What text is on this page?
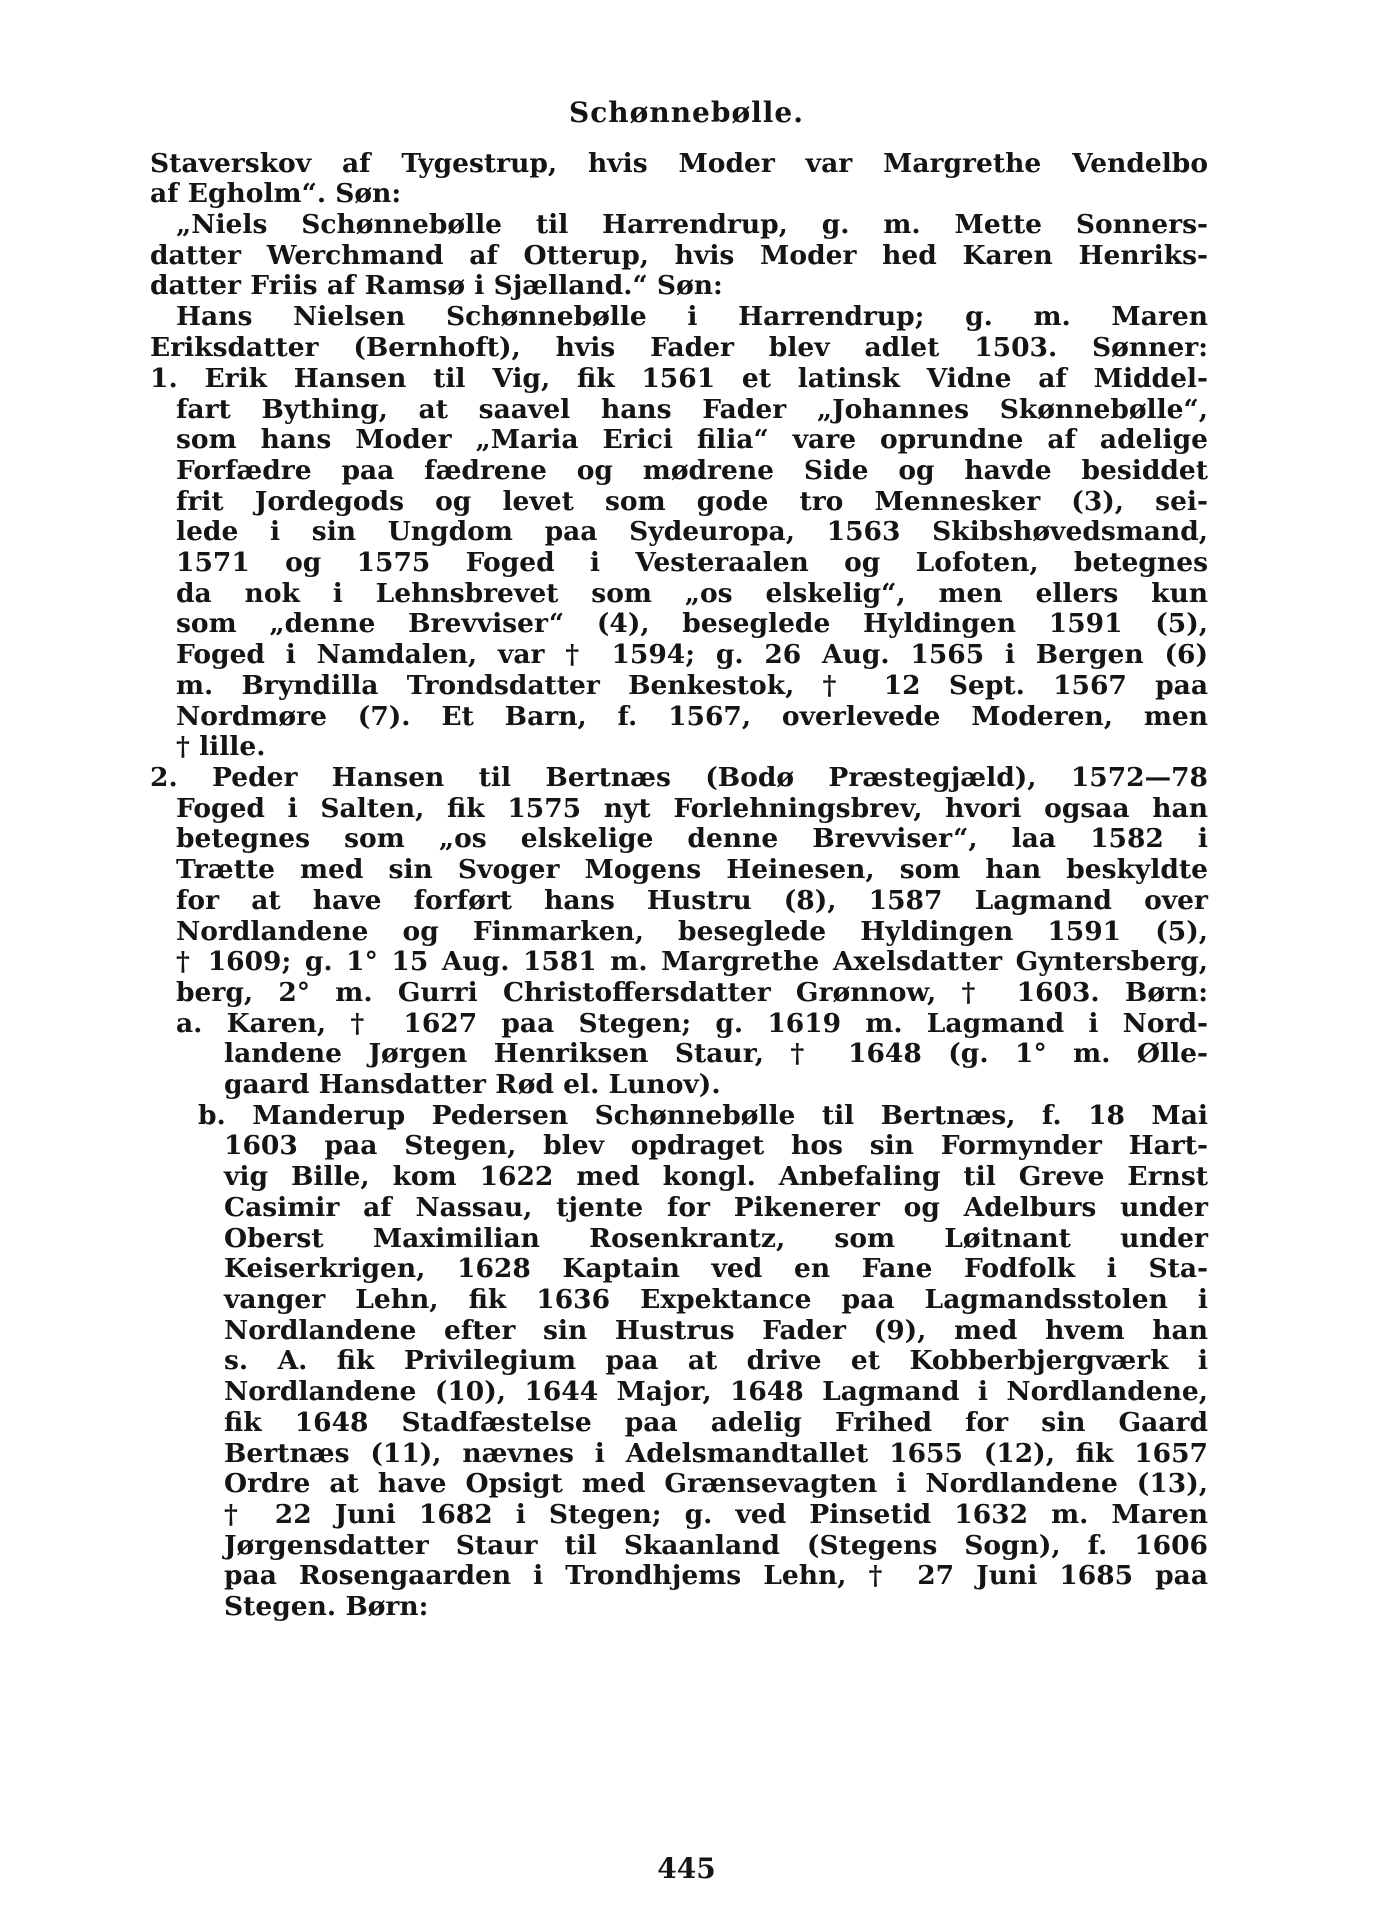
Schønnebølle.
Staverskov af Tygestrup, hvis Moder var Margrethe Vendelbo
af Egholm“. Søn:
„Niels Schønnebølle til Harrendrup, g. m. Mette Sonners-
datter Werchmand af Otterup, hvis Moder hed Karen Henriks-
datter Friis af Ramsø i Sjælland.“ Søn:
Hans Nielsen Schønnebølle i Harrendrup; g. m. Maren
Eriksdatter (Bernhoft), hvis Fader blev adlet 1503. Sønner:
1. Erik Hansen til Vig, fik 1561 et latinsk Vidne af Middel-
fart Bything, at saavel hans Fader „Johannes Skønnebølle“,
som hans Moder „Maria Erici filia“ vare oprundne af adelige
Forfædre paa fædrene og mødrene Side og havde besiddet
frit Jordegods og levet som gode tro Mennesker (3), sei-
lede i sin Ungdom paa Sydeuropa, 1563 Skibshøvedsmand,
1571 og 1575 Foged i Vesteraalen og Lofoten, betegnes
da nok i Lehnsbrevet som „os elskelig“, men ellers kun
som „denne Brevviser“ (4), beseglede Hyldingen 1591 (5),
Foged i Namdalen, var † 1594; g. 26 Aug. 1565 i Bergen (6)
m. Bryndilla Trondsdatter Benkestok, † 12 Sept. 1567 paa
Nordmøre (7). Et Barn, f. 1567, overlevede Moderen, men
† lille.
2. Peder Hansen til Bertnæs (Bodø Præstegjæld), 1572—78
Foged i Salten, fik 1575 nyt Forlehningsbrev, hvori ogsaa han
betegnes som „os elskelige denne Brevviser“, laa 1582 i
Trætte med sin Svoger Mogens Heinesen, som han beskyldte
for at have forført hans Hustru (8), 1587 Lagmand over
Nordlandene og Finmarken, beseglede Hyldingen 1591 (5),
† 1609; g. 1° 15 Aug. 1581 m. Margrethe Axelsdatter Gyntersberg,
berg, 2° m. Gurri Christoffersdatter Grønnow, † 1603. Børn:
a. Karen, † 1627 paa Stegen; g. 1619 m. Lagmand i Nord-
landene Jørgen Henriksen Staur, † 1648 (g. 1° m. Ølle-
gaard Hansdatter Rød el. Lunov).
b. Manderup Pedersen Schønnebølle til Bertnæs, f. 18 Mai
1603 paa Stegen, blev opdraget hos sin Formynder Hart-
vig Bille, kom 1622 med kongl. Anbefaling til Greve Ernst
Casimir af Nassau, tjente for Pikenerer og Adelburs under
Oberst Maximilian Rosenkrantz, som Løitnant under
Keiserkrigen, 1628 Kaptain ved en Fane Fodfolk i Sta-
vanger Lehn, fik 1636 Expektance paa Lagmandsstolen i
Nordlandene efter sin Hustrus Fader (9), med hvem han
s. A. fik Privilegium paa at drive et Kobberbjergværk i
Nordlandene (10), 1644 Major, 1648 Lagmand i Nordlandene,
fik 1648 Stadfæstelse paa adelig Frihed for sin Gaard
Bertnæs (11), nævnes i Adelsmandtallet 1655 (12), fik 1657
Ordre at have Opsigt med Grænsevagten i Nordlandene (13),
† 22 Juni 1682 i Stegen; g. ved Pinsetid 1632 m. Maren
Jørgensdatter Staur til Skaanland (Stegens Sogn), f. 1606
paa Rosengaarden i Trondhjems Lehn, † 27 Juni 1685 paa
Stegen. Børn:
445
